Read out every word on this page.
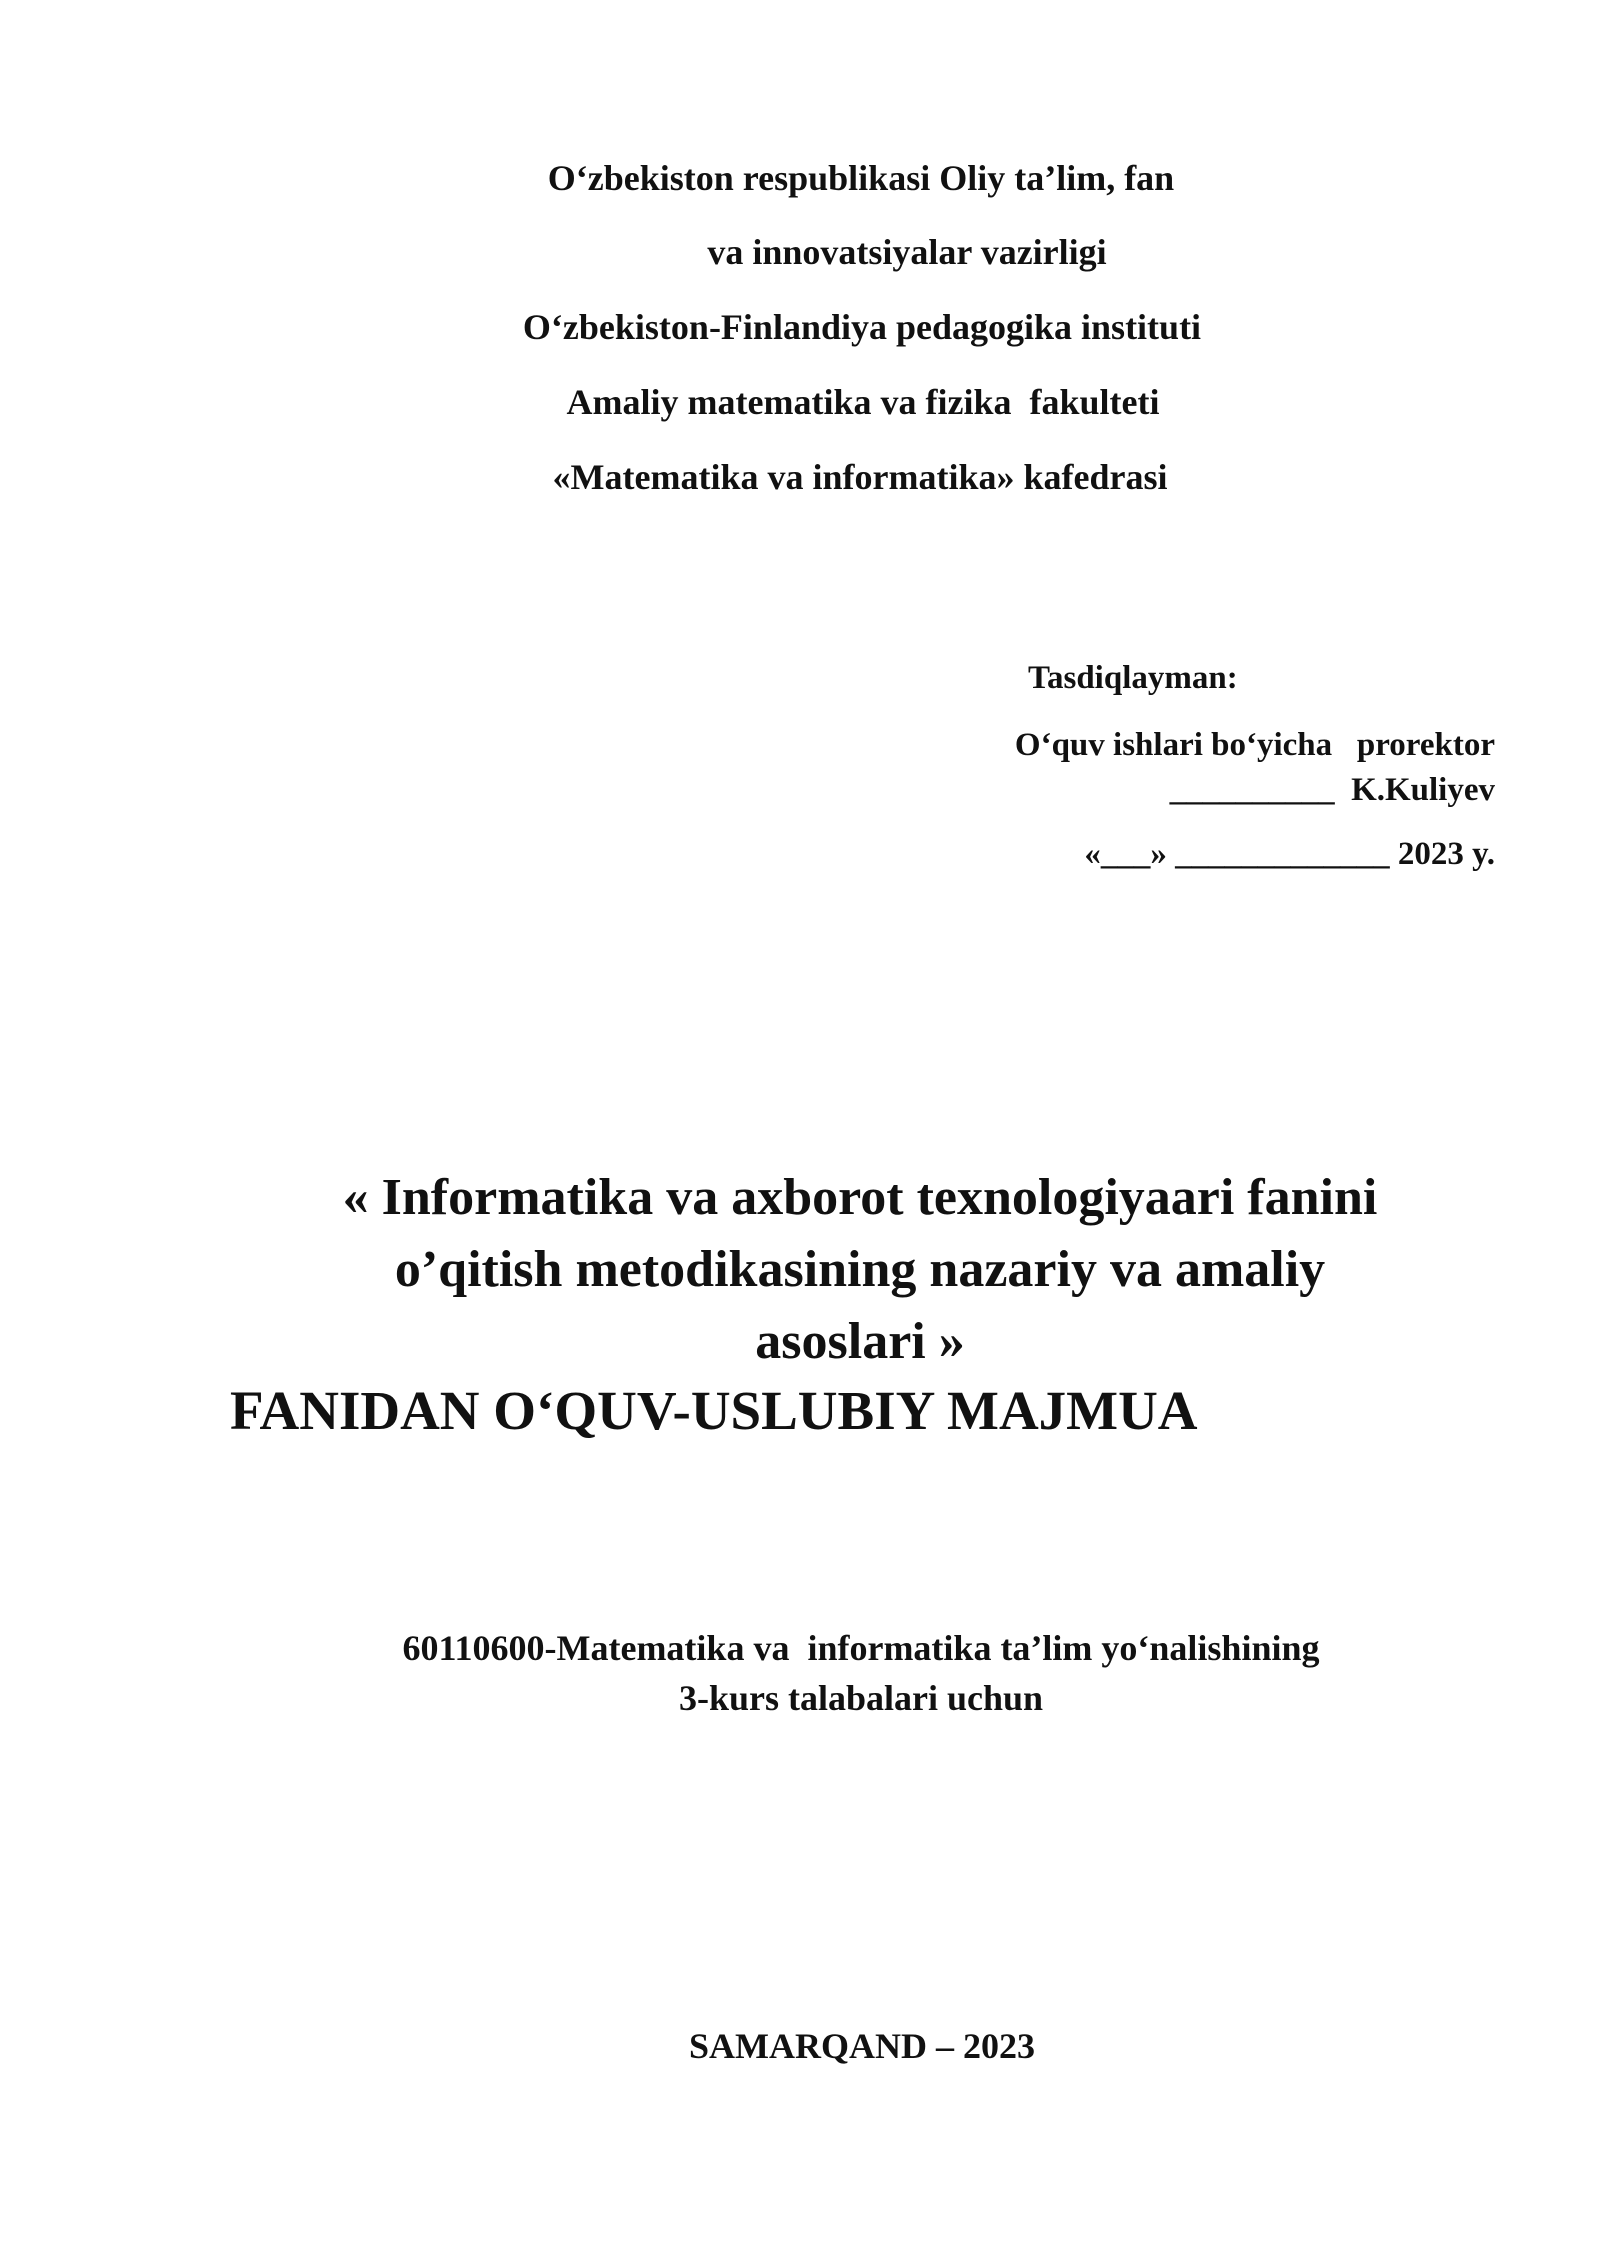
O‘zbekiston respublikasi Oliy ta’lim, fan
va innovatsiyalar vazirligi
O‘zbekiston-Finlandiya pedagogika instituti
Amaliy matematika va fizika  fakulteti
«Matematika va informatika» kafedrasi
Tasdiqlayman:
O‘quv ishlari bo‘yicha   prorektor
__________  K.Kuliyev
«___» _____________ 2023 y.
« Informatika va axborot texnologiyaari fanini
o’qitish metodikasining nazariy va amaliy
asoslari »
FANIDAN O‘QUV-USLUBIY MAJMUA
60110600-Matematika va  informatika ta’lim yo‘nalishining
3-kurs talabalari uchun
SAMARQAND – 2023
